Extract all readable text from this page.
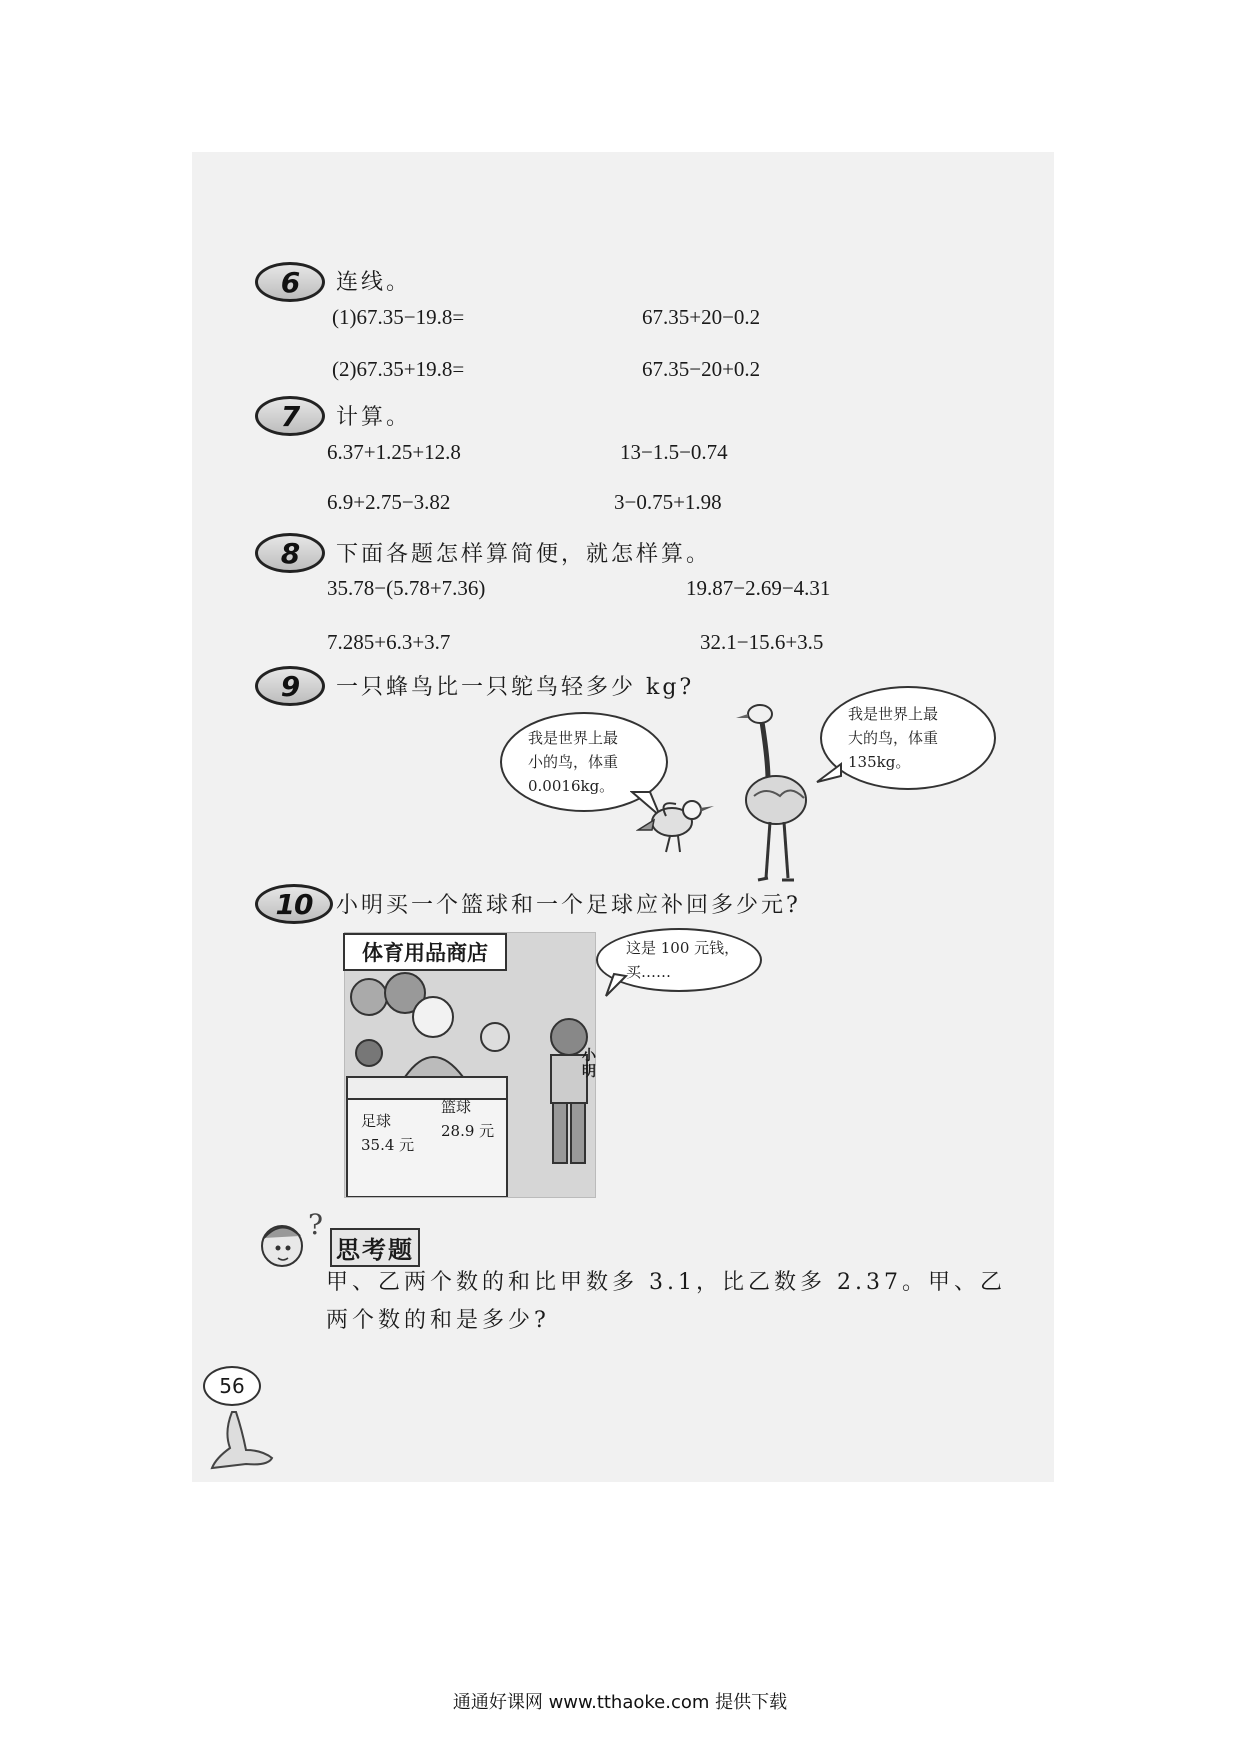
6 连线。
(1)67.35−19.8=	67.35+20−0.2
(2)67.35+19.8=	67.35−20+0.2
7 计算。
6.37+1.25+12.8	13−1.5−0.74
6.9+2.75−3.82	3−0.75+1.98
8 下面各题怎样算简便，就怎样算。
35.78−(5.78+7.36)	19.87−2.69−4.31
7.285+6.3+3.7	32.1−15.6+3.5
9 一只蜂鸟比一只鸵鸟轻多少 kg?
我是世界上最
小的鸟，体重
0.0016kg。
我是世界上最
大的鸟，体重
135kg。
10 小明买一个篮球和一个足球应补回多少元?
体育用品商店
足球
35.4 元
篮球
28.9 元
小明
这是 100 元钱，
买……
?
思考题
甲、乙两个数的和比甲数多 3.1，比乙数多 2.37。甲、乙两个数的和是多少?
56
通通好课网 www.tthaoke.com 提供下载
